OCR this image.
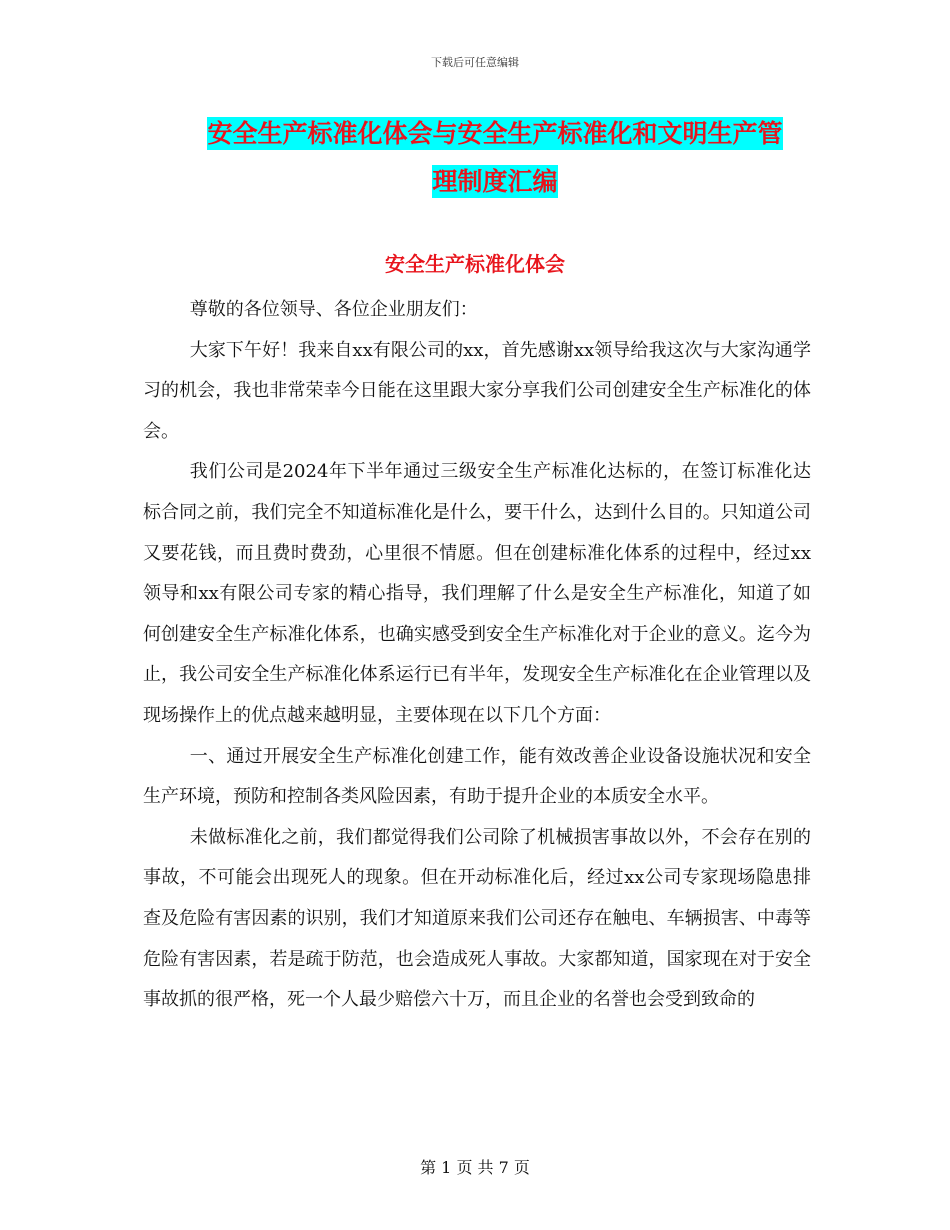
下载后可任意编辑
安全生产标准化体会与安全生产标准化和文明生产管
理制度汇编
安全生产标准化体会

尊敬的各位领导、各位企业朋友们：

大家下午好！我来自xx有限公司的xx，首先感谢xx领导给我这次与大家沟通学习的机会，我也非常荣幸今日能在这里跟大家分享我们公司创建安全生产标准化的体会。

我们公司是2024年下半年通过三级安全生产标准化达标的，在签订标准化达标合同之前，我们完全不知道标准化是什么，要干什么，达到什么目的。只知道公司又要花钱，而且费时费劲，心里很不情愿。但在创建标准化体系的过程中，经过xx领导和xx有限公司专家的精心指导，我们理解了什么是安全生产标准化，知道了如何创建安全生产标准化体系，也确实感受到安全生产标准化对于企业的意义。迄今为止，我公司安全生产标准化体系运行已有半年，发现安全生产标准化在企业管理以及现场操作上的优点越来越明显，主要体现在以下几个方面：

一、通过开展安全生产标准化创建工作，能有效改善企业设备设施状况和安全生产环境，预防和控制各类风险因素，有助于提升企业的本质安全水平。

未做标准化之前，我们都觉得我们公司除了机械损害事故以外，不会存在别的事故，不可能会出现死人的现象。但在开动标准化后，经过xx公司专家现场隐患排查及危险有害因素的识别，我们才知道原来我们公司还存在触电、车辆损害、中毒等危险有害因素，若是疏于防范，也会造成死人事故。大家都知道，国家现在对于安全事故抓的很严格，死一个人最少赔偿六十万，而且企业的名誉也会受到致命的

第 1 页 共 7 页
